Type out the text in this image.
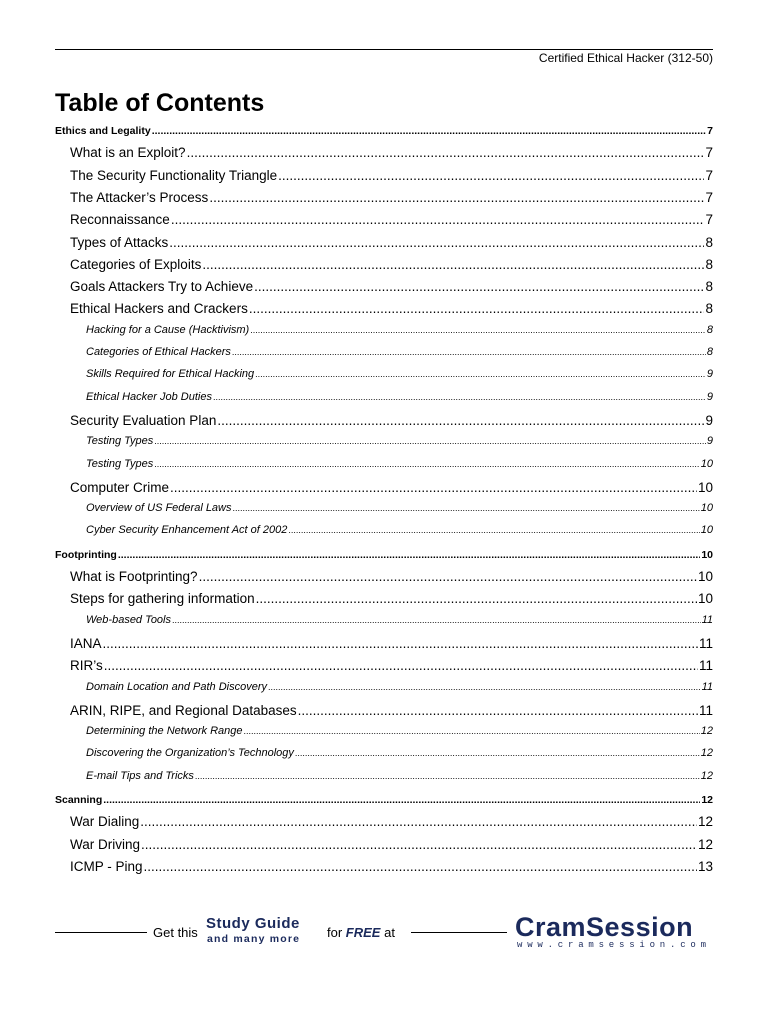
Certified Ethical Hacker (312-50)
Table of Contents
Ethics and Legality .....	7
What is an Exploit? .....	7
The Security Functionality Triangle .....	7
The Attacker’s Process .....	7
Reconnaissance .....	7
Types of Attacks .....	8
Categories of Exploits .....	8
Goals Attackers Try to Achieve .....	8
Ethical Hackers and Crackers .....	8
Hacking for a Cause (Hacktivism) .....	8
Categories of Ethical Hackers .....	8
Skills Required for Ethical Hacking .....	9
Ethical Hacker Job Duties .....	9
Security Evaluation Plan .....	9
Testing Types .....	9
Testing Types .....	10
Computer Crime .....	10
Overview of US Federal Laws .....	10
Cyber Security Enhancement Act of 2002 .....	10
Footprinting .....	10
What is Footprinting? .....	10
Steps for gathering information .....	10
Web-based Tools .....	11
IANA .....	11
RIR’s .....	11
Domain Location and Path Discovery .....	11
ARIN, RIPE, and Regional Databases .....	11
Determining the Network Range .....	12
Discovering the Organization’s Technology .....	12
E-mail Tips and Tricks .....	12
Scanning .....	12
War Dialing .....	12
War Driving .....	12
ICMP - Ping .....	13
Get this
Study Guide
and many more for FREE at	CramSession
www.cramsession.com
